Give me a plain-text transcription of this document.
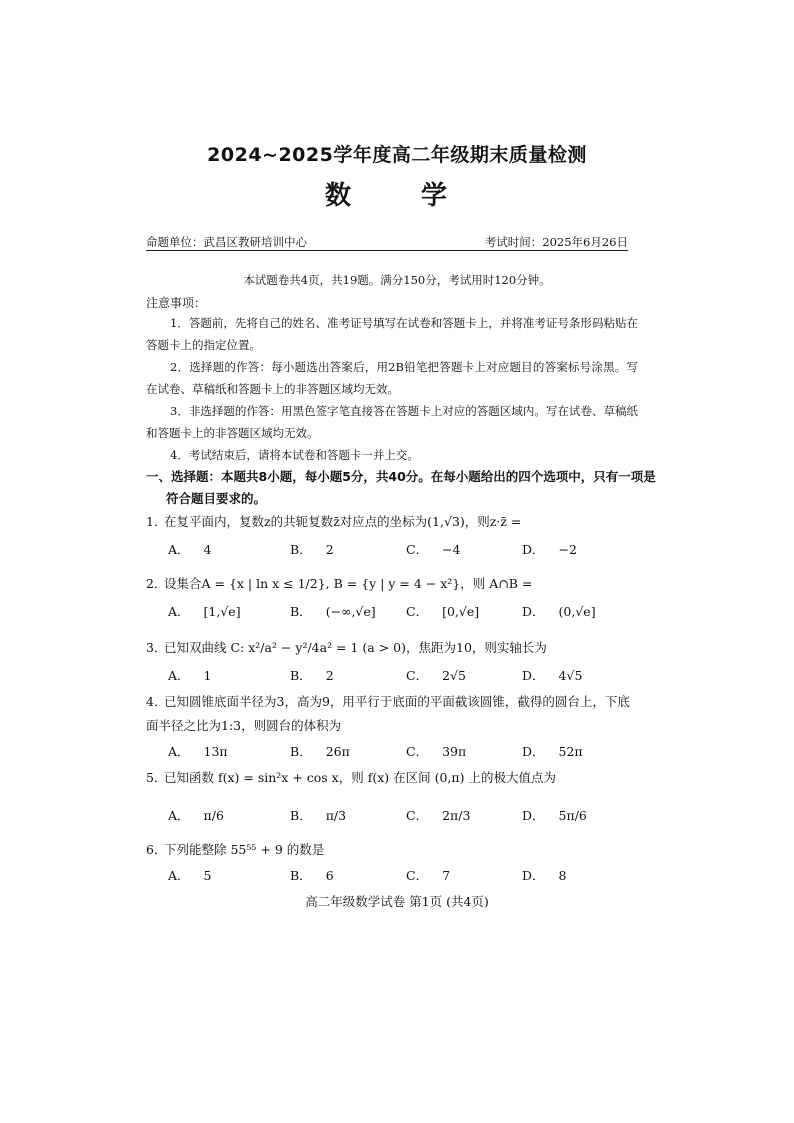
2024~2025学年度高二年级期末质量检测
数　学
命题单位：武昌区教研培训中心	考试时间：2025年6月26日
本试题卷共4页，共19题。满分150分，考试用时120分钟。
注意事项：
1．答题前，先将自己的姓名、准考证号填写在试卷和答题卡上，并将准考证号条形码粘贴在答题卡上的指定位置。
2．选择题的作答：每小题选出答案后，用2B铅笔把答题卡上对应题目的答案标号涂黑。写在试卷、草稿纸和答题卡上的非答题区域均无效。
3．非选择题的作答：用黑色签字笔直接答在答题卡上对应的答题区域内。写在试卷、草稿纸和答题卡上的非答题区域均无效。
4．考试结束后，请将本试卷和答题卡一并上交。
一、选择题：本题共8小题，每小题5分，共40分。在每小题给出的四个选项中，只有一项是符合题目要求的。
1．在复平面内，复数z的共轭复数z̄对应点的坐标为(1,√3)，则z·z̄ =
A． 4	B． 2	C． −4	D． −2
2．设集合A = {x | ln x ≤ 1/2}, B = {y | y = 4 − x²}，则 A∩B =
A． [1,√e]	B． (−∞,√e] C． [0,√e]	D． (0,√e]
3．已知双曲线 C: x²/a² − y²/4a² = 1 (a > 0)，焦距为10，则实轴长为
A． 1	B． 2	C． 2√5	D． 4√5
4．已知圆锥底面半径为3，高为9，用平行于底面的平面截该圆锥，截得的圆台上，下底面半径之比为1:3，则圆台的体积为
A． 13π	B． 26π	C． 39π	D． 52π
5．已知函数 f(x) = sin²x + cos x，则 f(x) 在区间 (0,π) 上的极大值点为
A． π/6	B． π/3	C． 2π/3	D． 5π/6
6．下列能整除 55⁵⁵ + 9 的数是
A． 5	B． 6	C． 7	D． 8
高二年级数学试卷 第1页 (共4页)
